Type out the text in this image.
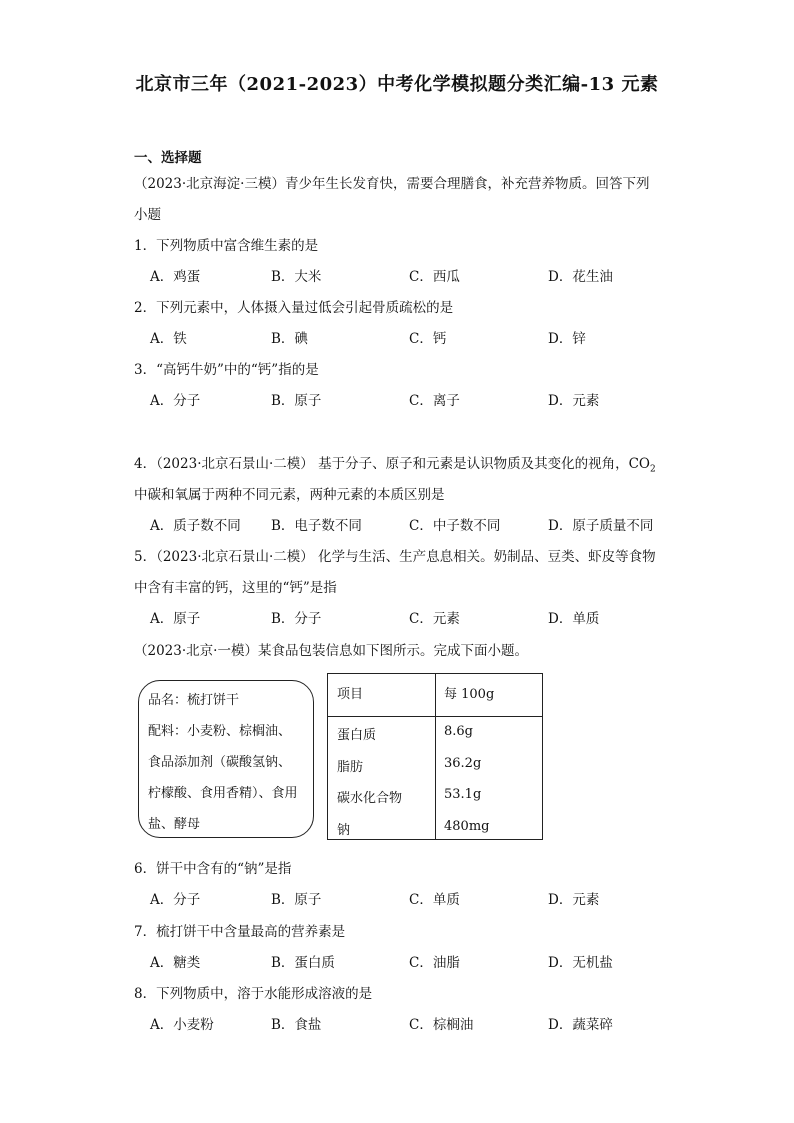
北京市三年（2021-2023）中考化学模拟题分类汇编-13 元素
一、选择题
（2023·北京海淀·三模）青少年生长发育快，需要合理膳食，补充营养物质。回答下列
小题
1．下列物质中富含维生素的是
A．鸡蛋	B．大米	C．西瓜	D．花生油
2．下列元素中，人体摄入量过低会引起骨质疏松的是
A．铁	B．碘	C．钙	D．锌
3．“高钙牛奶”中的“钙”指的是
A．分子	B．原子	C．离子	D．元素
4．（2023·北京石景山·二模） 基于分子、原子和元素是认识物质及其变化的视角，$CO_2$
中碳和氧属于两种不同元素，两种元素的本质区别是
A．质子数不同 B．电子数不同	C．中子数不同	D．原子质量不同
5．（2023·北京石景山·二模） 化学与生活、生产息息相关。奶制品、豆类、虾皮等食物
中含有丰富的钙，这里的“钙”是指
A．原子	B．分子	C．元素	D．单质
（2023·北京·一模）某食品包装信息如下图所示。完成下面小题。
品名：梳打饼干
配料：小麦粉、棕榈油、
食品添加剂（碳酸氢钠、
柠檬酸、食用香精）、食用
盐、酵母
项目	每 100g
蛋白质	8.6g
脂肪	36.2g
碳水化合物	53.1g
钠	480mg
6．饼干中含有的“钠”是指
A．分子	B．原子	C．单质	D．元素
7．梳打饼干中含量最高的营养素是
A．糖类	B．蛋白质	C．油脂	D．无机盐
8．下列物质中，溶于水能形成溶液的是
A．小麦粉	B．食盐	C．棕榈油	D．蔬菜碎
